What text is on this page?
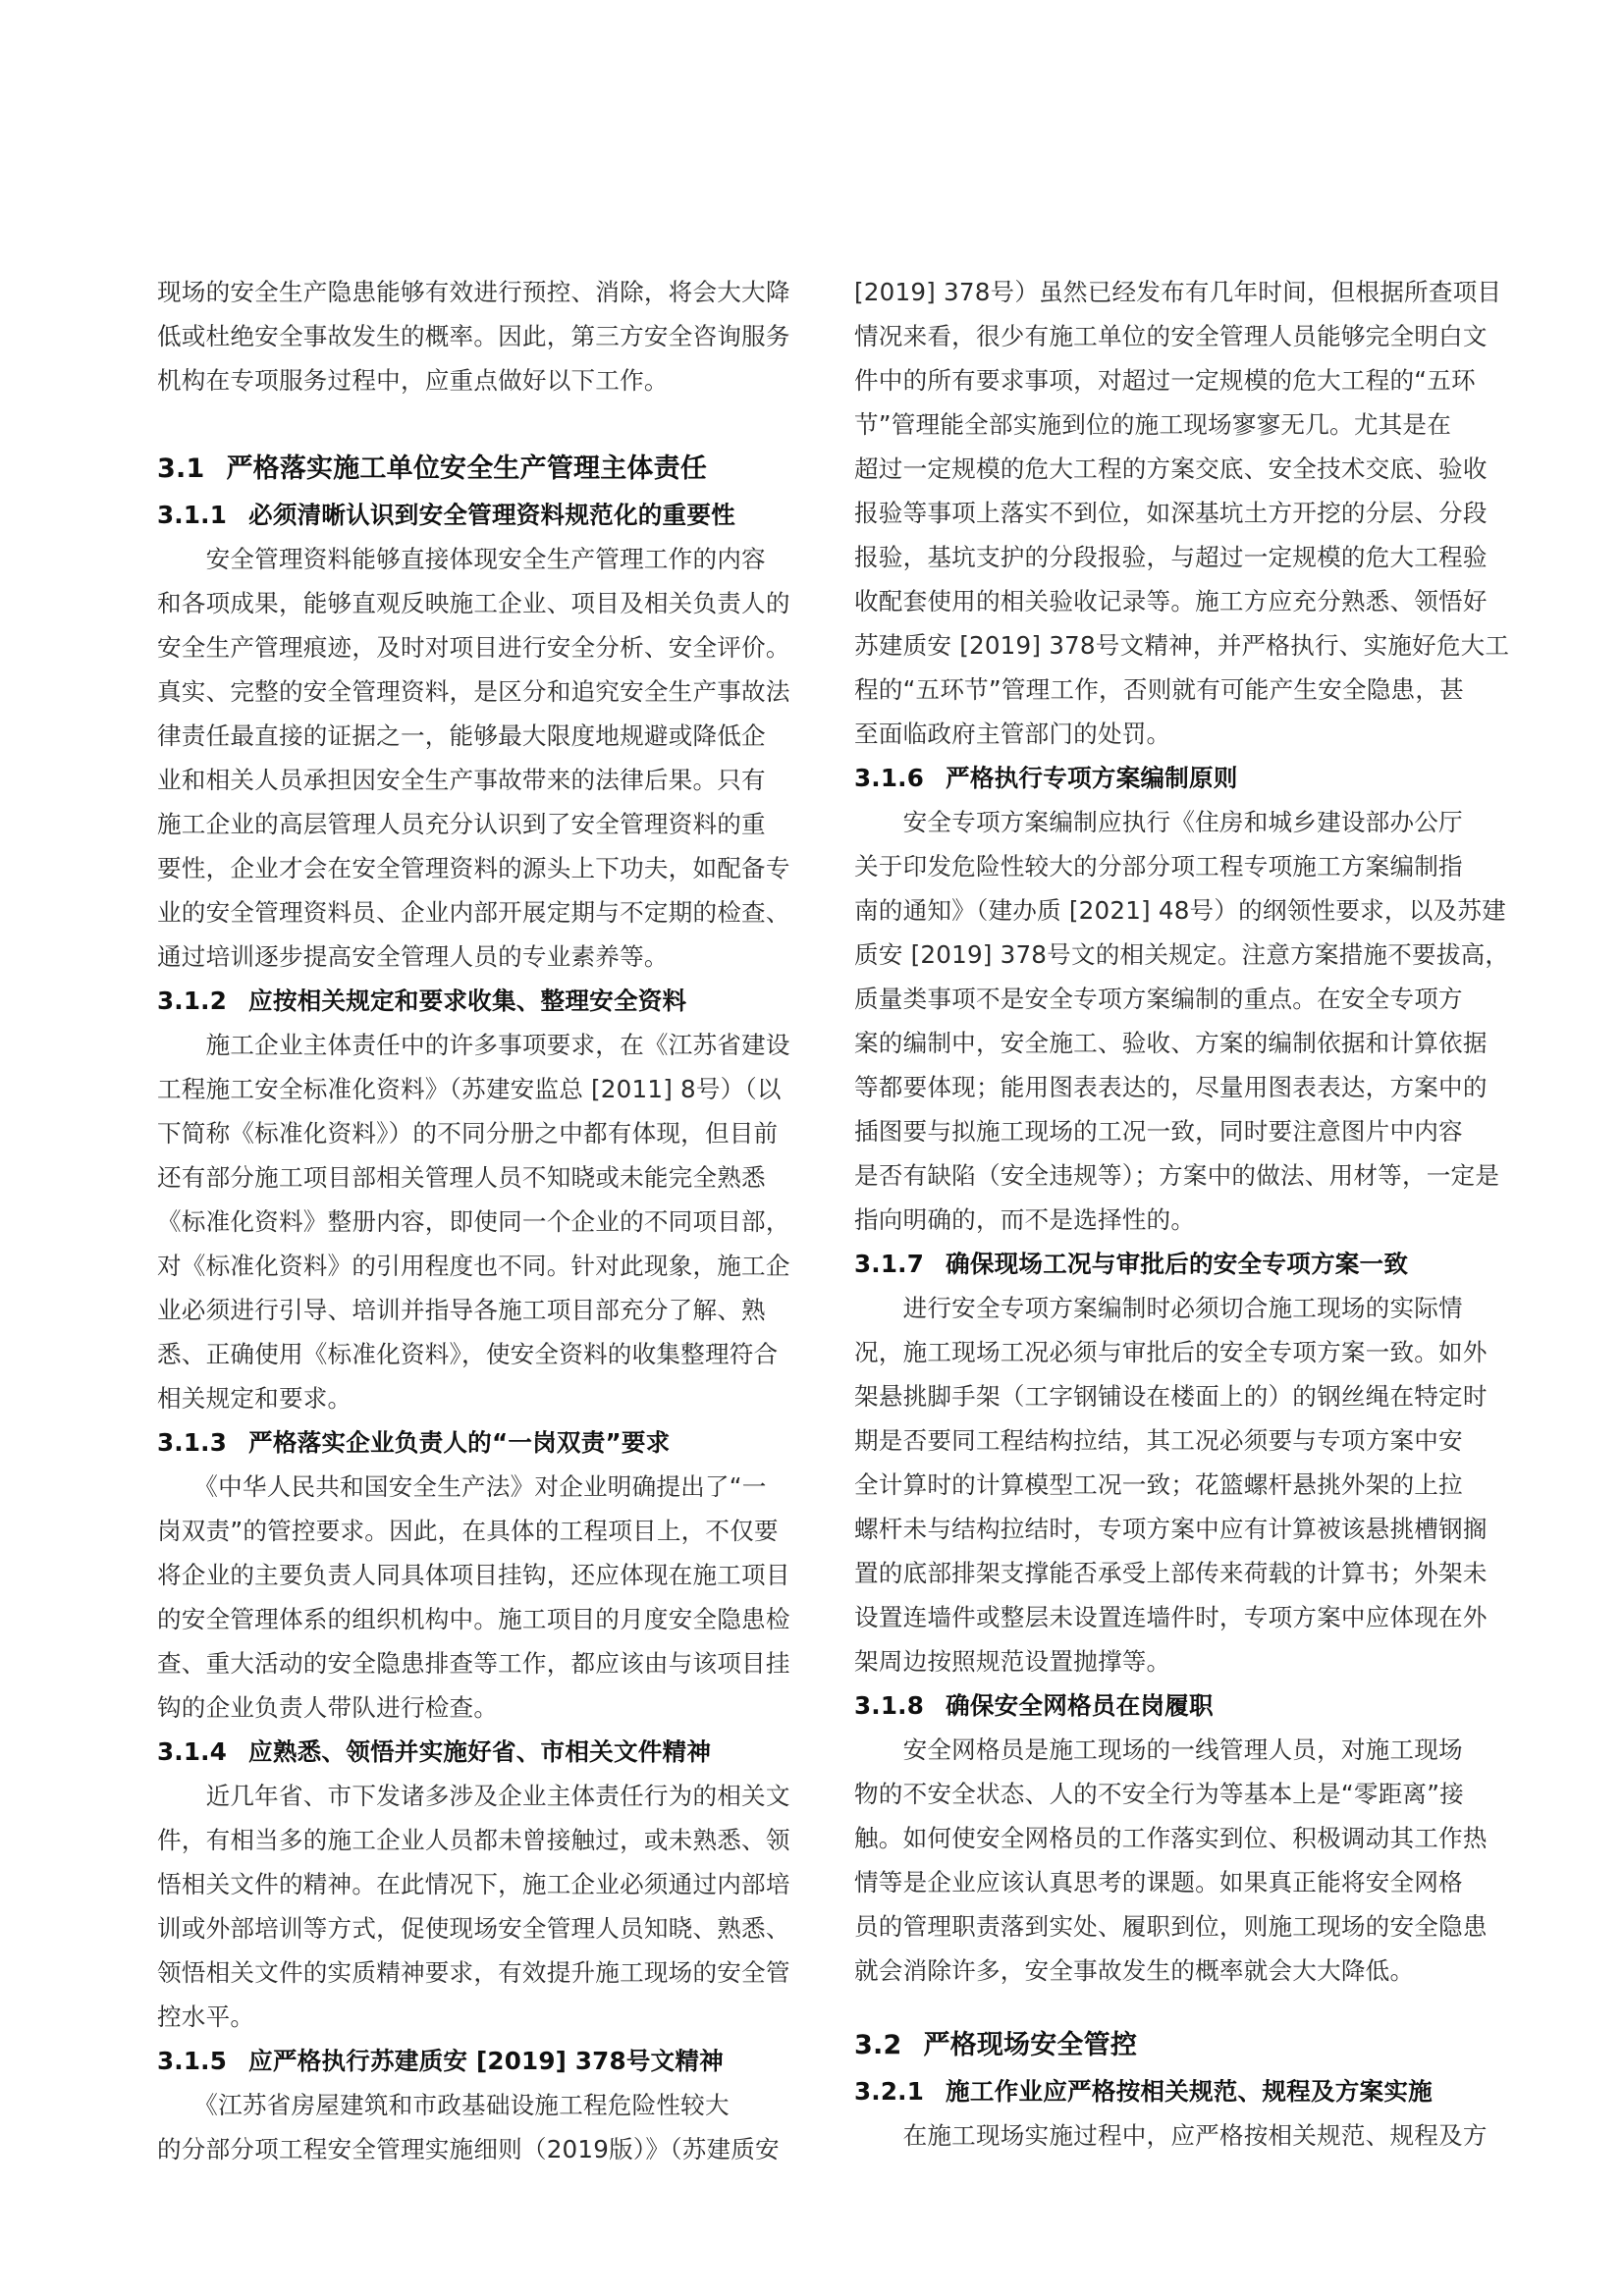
现场的安全生产隐患能够有效进行预控、消除，将会大大降
低或杜绝安全事故发生的概率。因此，第三方安全咨询服务
机构在专项服务过程中，应重点做好以下工作。
3.1 严格落实施工单位安全生产管理主体责任
3.1.1 必须清晰认识到安全管理资料规范化的重要性
　　安全管理资料能够直接体现安全生产管理工作的内容
和各项成果，能够直观反映施工企业、项目及相关负责人的
安全生产管理痕迹，及时对项目进行安全分析、安全评价。
真实、完整的安全管理资料，是区分和追究安全生产事故法
律责任最直接的证据之一，能够最大限度地规避或降低企
业和相关人员承担因安全生产事故带来的法律后果。只有
施工企业的高层管理人员充分认识到了安全管理资料的重
要性，企业才会在安全管理资料的源头上下功夫，如配备专
业的安全管理资料员、企业内部开展定期与不定期的检查、
通过培训逐步提高安全管理人员的专业素养等。
3.1.2 应按相关规定和要求收集、整理安全资料
　　施工企业主体责任中的许多事项要求，在《江苏省建设
工程施工安全标准化资料》（苏建安监总 [2011] 8号）（以
下简称《标准化资料》）的不同分册之中都有体现，但目前
还有部分施工项目部相关管理人员不知晓或未能完全熟悉
《标准化资料》整册内容，即使同一个企业的不同项目部，
对《标准化资料》的引用程度也不同。针对此现象，施工企
业必须进行引导、培训并指导各施工项目部充分了解、熟
悉、正确使用《标准化资料》，使安全资料的收集整理符合
相关规定和要求。
3.1.3 严格落实企业负责人的“一岗双责”要求
　　《中华人民共和国安全生产法》对企业明确提出了“一
岗双责”的管控要求。因此，在具体的工程项目上，不仅要
将企业的主要负责人同具体项目挂钩，还应体现在施工项目
的安全管理体系的组织机构中。施工项目的月度安全隐患检
查、重大活动的安全隐患排查等工作，都应该由与该项目挂
钩的企业负责人带队进行检查。
3.1.4 应熟悉、领悟并实施好省、市相关文件精神
　　近几年省、市下发诸多涉及企业主体责任行为的相关文
件，有相当多的施工企业人员都未曾接触过，或未熟悉、领
悟相关文件的精神。在此情况下，施工企业必须通过内部培
训或外部培训等方式，促使现场安全管理人员知晓、熟悉、
领悟相关文件的实质精神要求，有效提升施工现场的安全管
控水平。
3.1.5 应严格执行苏建质安 [2019] 378号文精神
　　《江苏省房屋建筑和市政基础设施工程危险性较大
的分部分项工程安全管理实施细则（2019版）》（苏建质安
[2019] 378号）虽然已经发布有几年时间，但根据所查项目
情况来看，很少有施工单位的安全管理人员能够完全明白文
件中的所有要求事项，对超过一定规模的危大工程的“五环
节”管理能全部实施到位的施工现场寥寥无几。尤其是在
超过一定规模的危大工程的方案交底、安全技术交底、验收
报验等事项上落实不到位，如深基坑土方开挖的分层、分段
报验，基坑支护的分段报验，与超过一定规模的危大工程验
收配套使用的相关验收记录等。施工方应充分熟悉、领悟好
苏建质安 [2019] 378号文精神，并严格执行、实施好危大工
程的“五环节”管理工作，否则就有可能产生安全隐患，甚
至面临政府主管部门的处罚。
3.1.6 严格执行专项方案编制原则
　　安全专项方案编制应执行《住房和城乡建设部办公厅
关于印发危险性较大的分部分项工程专项施工方案编制指
南的通知》（建办质 [2021] 48号）的纲领性要求，以及苏建
质安 [2019] 378号文的相关规定。注意方案措施不要拔高，
质量类事项不是安全专项方案编制的重点。在安全专项方
案的编制中，安全施工、验收、方案的编制依据和计算依据
等都要体现；能用图表表达的，尽量用图表表达，方案中的
插图要与拟施工现场的工况一致，同时要注意图片中内容
是否有缺陷（安全违规等）；方案中的做法、用材等，一定是
指向明确的，而不是选择性的。
3.1.7 确保现场工况与审批后的安全专项方案一致
　　进行安全专项方案编制时必须切合施工现场的实际情
况，施工现场工况必须与审批后的安全专项方案一致。如外
架悬挑脚手架（工字钢铺设在楼面上的）的钢丝绳在特定时
期是否要同工程结构拉结，其工况必须要与专项方案中安
全计算时的计算模型工况一致；花篮螺杆悬挑外架的上拉
螺杆未与结构拉结时，专项方案中应有计算被该悬挑槽钢搁
置的底部排架支撑能否承受上部传来荷载的计算书；外架未
设置连墙件或整层未设置连墙件时，专项方案中应体现在外
架周边按照规范设置抛撑等。
3.1.8 确保安全网格员在岗履职
　　安全网格员是施工现场的一线管理人员，对施工现场
物的不安全状态、人的不安全行为等基本上是“零距离”接
触。如何使安全网格员的工作落实到位、积极调动其工作热
情等是企业应该认真思考的课题。如果真正能将安全网格
员的管理职责落到实处、履职到位，则施工现场的安全隐患
就会消除许多，安全事故发生的概率就会大大降低。
3.2 严格现场安全管控
3.2.1 施工作业应严格按相关规范、规程及方案实施
　　在施工现场实施过程中，应严格按相关规范、规程及方
